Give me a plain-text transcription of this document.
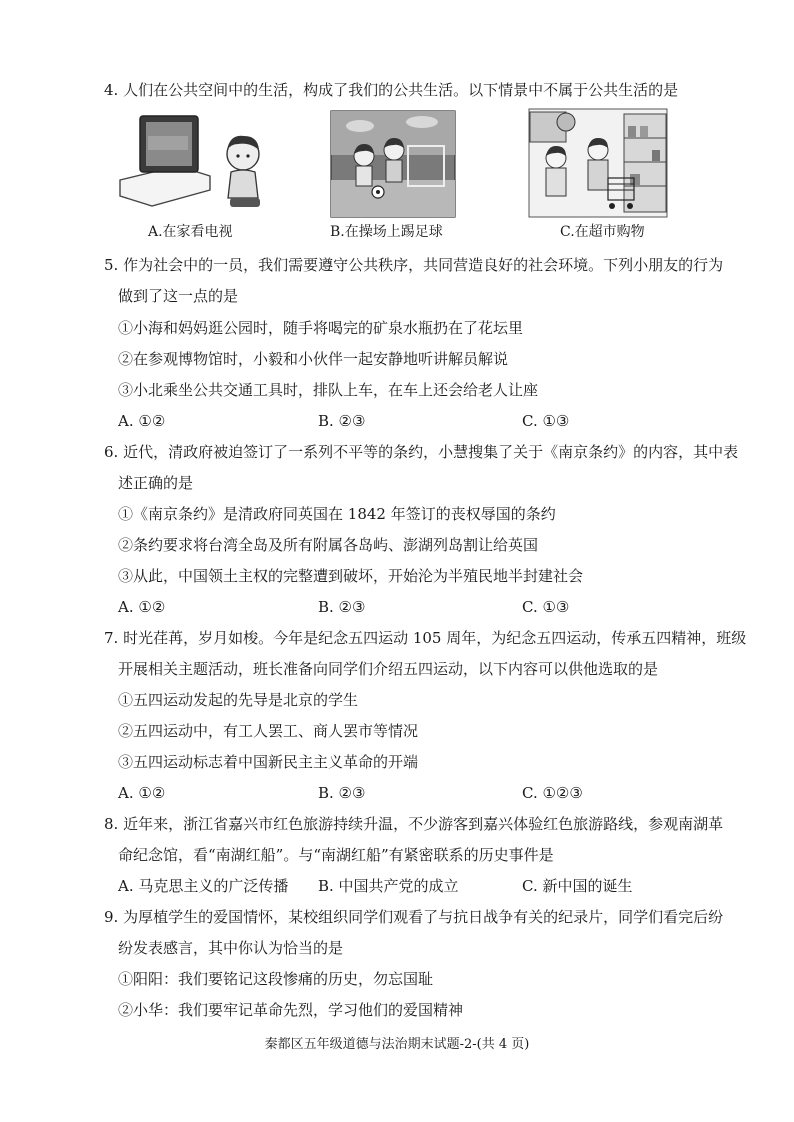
4. 人们在公共空间中的生活，构成了我们的公共生活。以下情景中不属于公共生活的是
A.在家看电视	B.在操场上踢足球	C.在超市购物
5. 作为社会中的一员，我们需要遵守公共秩序，共同营造良好的社会环境。下列小朋友的行为
做到了这一点的是
①小海和妈妈逛公园时，随手将喝完的矿泉水瓶扔在了花坛里
②在参观博物馆时，小毅和小伙伴一起安静地听讲解员解说
③小北乘坐公共交通工具时，排队上车，在车上还会给老人让座
A. ①②	B. ②③	C. ①③
6. 近代，清政府被迫签订了一系列不平等的条约，小慧搜集了关于《南京条约》的内容，其中表
述正确的是
①《南京条约》是清政府同英国在 1842 年签订的丧权辱国的条约
②条约要求将台湾全岛及所有附属各岛屿、澎湖列岛割让给英国
③从此，中国领土主权的完整遭到破坏，开始沦为半殖民地半封建社会
A. ①②	B. ②③	C. ①③
7. 时光荏苒，岁月如梭。今年是纪念五四运动 105 周年，为纪念五四运动，传承五四精神，班级
开展相关主题活动，班长准备向同学们介绍五四运动，以下内容可以供他选取的是
①五四运动发起的先导是北京的学生
②五四运动中，有工人罢工、商人罢市等情况
③五四运动标志着中国新民主主义革命的开端
A. ①②	B. ②③	C. ①②③
8. 近年来，浙江省嘉兴市红色旅游持续升温，不少游客到嘉兴体验红色旅游路线，参观南湖革
命纪念馆，看“南湖红船”。与“南湖红船”有紧密联系的历史事件是
A. 马克思主义的广泛传播 B. 中国共产党的成立	C. 新中国的诞生
9. 为厚植学生的爱国情怀，某校组织同学们观看了与抗日战争有关的纪录片，同学们看完后纷
纷发表感言，其中你认为恰当的是
①阳阳：我们要铭记这段惨痛的历史，勿忘国耻
②小华：我们要牢记革命先烈，学习他们的爱国精神
秦都区五年级道德与法治期末试题-2-(共 4 页)
